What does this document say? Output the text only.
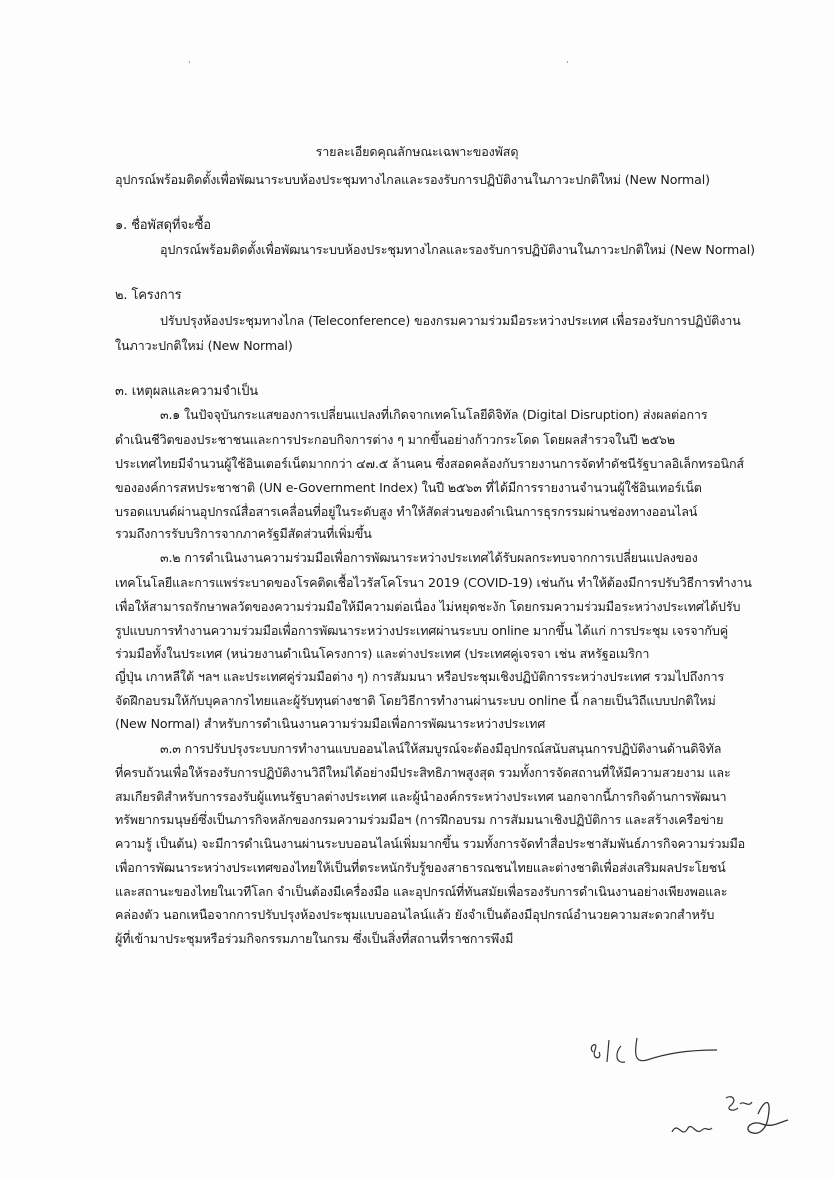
·	·
รายละเอียดคุณลักษณะเฉพาะของพัสดุ
อุปกรณ์พร้อมติดตั้งเพื่อพัฒนาระบบห้องประชุมทางไกลและรองรับการปฏิบัติงานในภาวะปกติใหม่ (New Normal)
๑. ชื่อพัสดุที่จะซื้อ
อุปกรณ์พร้อมติดตั้งเพื่อพัฒนาระบบห้องประชุมทางไกลและรองรับการปฏิบัติงานในภาวะปกติใหม่ (New Normal)
๒. โครงการ
ปรับปรุงห้องประชุมทางไกล (Teleconference) ของกรมความร่วมมือระหว่างประเทศ เพื่อรองรับการปฏิบัติงาน
ในภาวะปกติใหม่ (New Normal)
๓. เหตุผลและความจำเป็น
๓.๑ ในปัจจุบันกระแสของการเปลี่ยนแปลงที่เกิดจากเทคโนโลยีดิจิทัล (Digital Disruption) ส่งผลต่อการ
ดำเนินชีวิตของประชาชนและการประกอบกิจการต่าง ๆ มากขึ้นอย่างก้าวกระโดด โดยผลสำรวจในปี ๒๕๖๒
ประเทศไทยมีจำนวนผู้ใช้อินเตอร์เน็ตมากกว่า ๔๗.๕ ล้านคน ซึ่งสอดคล้องกับรายงานการจัดทำดัชนีรัฐบาลอิเล็กทรอนิกส์
ขององค์การสหประชาชาติ (UN e-Government Index) ในปี ๒๕๖๓ ที่ได้มีการรายงานจำนวนผู้ใช้อินเทอร์เน็ต
บรอดแบนด์ผ่านอุปกรณ์สื่อสารเคลื่อนที่อยู่ในระดับสูง ทำให้สัดส่วนของดำเนินการธุรกรรมผ่านช่องทางออนไลน์
รวมถึงการรับบริการจากภาครัฐมีสัดส่วนที่เพิ่มขึ้น
๓.๒ การดำเนินงานความร่วมมือเพื่อการพัฒนาระหว่างประเทศได้รับผลกระทบจากการเปลี่ยนแปลงของ
เทคโนโลยีและการแพร่ระบาดของโรคติดเชื้อไวรัสโคโรนา 2019 (COVID-19) เช่นกัน ทำให้ต้องมีการปรับวิธีการทำงาน
เพื่อให้สามารถรักษาพลวัตของความร่วมมือให้มีความต่อเนื่อง ไม่หยุดชะงัก โดยกรมความร่วมมือระหว่างประเทศได้ปรับ
รูปแบบการทำงานความร่วมมือเพื่อการพัฒนาระหว่างประเทศผ่านระบบ online มากขึ้น ได้แก่ การประชุม เจรจากับคู่
ร่วมมือทั้งในประเทศ (หน่วยงานดำเนินโครงการ) และต่างประเทศ (ประเทศคู่เจรจา เช่น สหรัฐอเมริกา
ญี่ปุ่น เกาหลีใต้ ฯลฯ และประเทศคู่ร่วมมือต่าง ๆ) การสัมมนา หรือประชุมเชิงปฏิบัติการระหว่างประเทศ รวมไปถึงการ
จัดฝึกอบรมให้กับบุคลากรไทยและผู้รับทุนต่างชาติ โดยวิธีการทำงานผ่านระบบ online นี้ กลายเป็นวิถีแบบปกติใหม่
(New Normal) สำหรับการดำเนินงานความร่วมมือเพื่อการพัฒนาระหว่างประเทศ
๓.๓ การปรับปรุงระบบการทำงานแบบออนไลน์ให้สมบูรณ์จะต้องมีอุปกรณ์สนับสนุนการปฏิบัติงานด้านดิจิทัล
ที่ครบถ้วนเพื่อให้รองรับการปฏิบัติงานวิถีใหม่ได้อย่างมีประสิทธิภาพสูงสุด รวมทั้งการจัดสถานที่ให้มีความสวยงาม และ
สมเกียรติสำหรับการรองรับผู้แทนรัฐบาลต่างประเทศ และผู้นำองค์กรระหว่างประเทศ นอกจากนี้ภารกิจด้านการพัฒนา
ทรัพยากรมนุษย์ซึ่งเป็นภารกิจหลักของกรมความร่วมมือฯ (การฝึกอบรม การสัมมนาเชิงปฏิบัติการ และสร้างเครือข่าย
ความรู้ เป็นต้น) จะมีการดำเนินงานผ่านระบบออนไลน์เพิ่มมากขึ้น รวมทั้งการจัดทำสื่อประชาสัมพันธ์ภารกิจความร่วมมือ
เพื่อการพัฒนาระหว่างประเทศของไทยให้เป็นที่ตระหนักรับรู้ของสาธารณชนไทยและต่างชาติเพื่อส่งเสริมผลประโยชน์
และสถานะของไทยในเวทีโลก จำเป็นต้องมีเครื่องมือ และอุปกรณ์ที่ทันสมัยเพื่อรองรับการดำเนินงานอย่างเพียงพอและ
คล่องตัว นอกเหนือจากการปรับปรุงห้องประชุมแบบออนไลน์แล้ว ยังจำเป็นต้องมีอุปกรณ์อำนวยความสะดวกสำหรับ
ผู้ที่เข้ามาประชุมหรือร่วมกิจกรรมภายในกรม ซึ่งเป็นสิ่งที่สถานที่ราชการพึงมี
